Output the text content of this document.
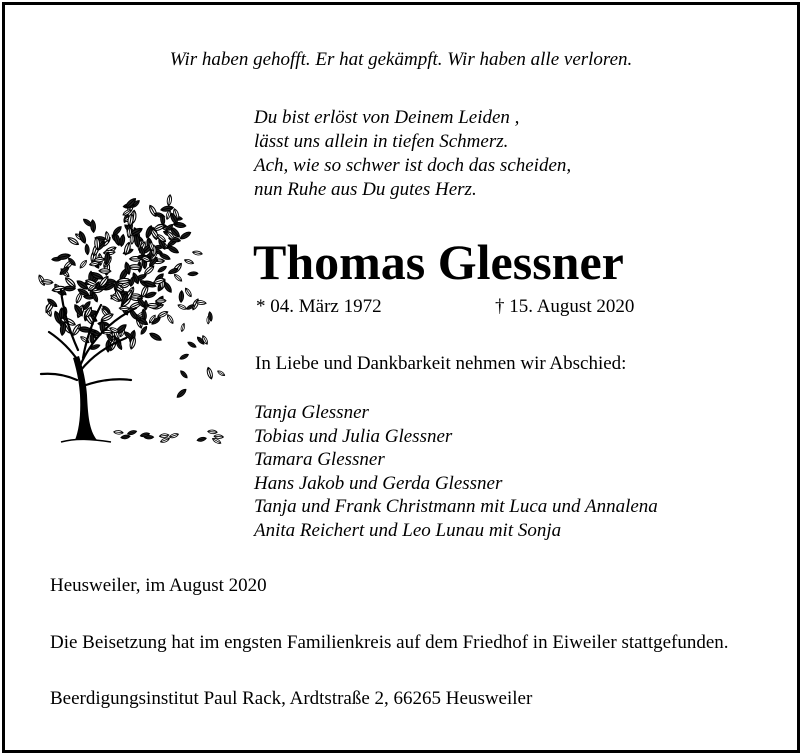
Wir haben gehofft. Er hat gekämpft. Wir haben alle verloren.
Du bist erlöst von Deinem Leiden ,
lässt uns allein in tiefen Schmerz.
Ach, wie so schwer ist doch das scheiden,
nun Ruhe aus Du gutes Herz.
Thomas Glessner
* 04. März 1972	† 15. August 2020
In Liebe und Dankbarkeit nehmen wir Abschied:
Tanja Glessner
Tobias und Julia Glessner
Tamara Glessner
Hans Jakob und Gerda Glessner
Tanja und Frank Christmann mit Luca und Annalena
Anita Reichert und Leo Lunau mit Sonja
Heusweiler, im August 2020
Die Beisetzung hat im engsten Familienkreis auf dem Friedhof in Eiweiler stattgefunden.
Beerdigungsinstitut Paul Rack, Ardtstraße 2, 66265 Heusweiler
